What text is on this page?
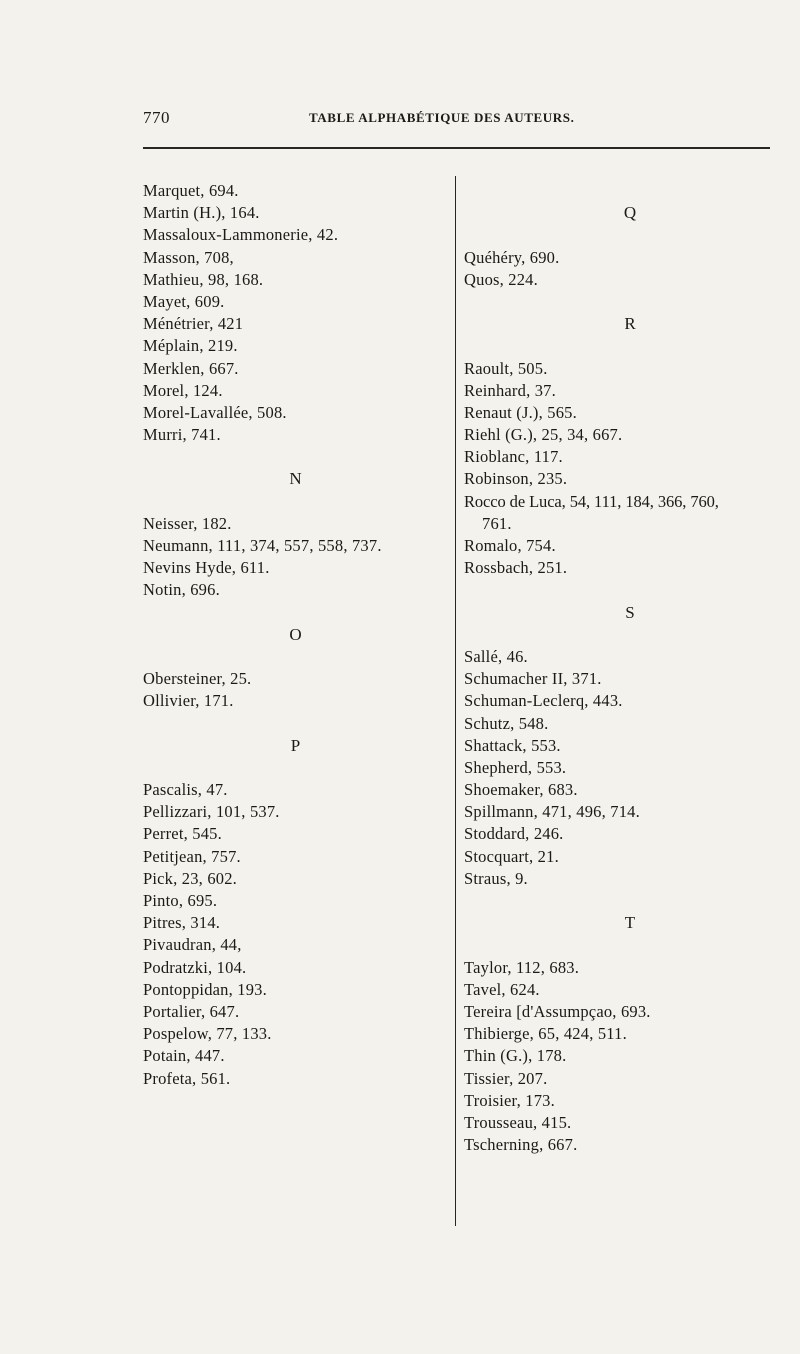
770	TABLE ALPHABÉTIQUE DES AUTEURS.
Marquet, 694.
Martin (H.), 164.
Massaloux-Lammonerie, 42.
Masson, 708,
Mathieu, 98, 168.
Mayet, 609.
Ménétrier, 421
Méplain, 219.
Merklen, 667.
Morel, 124.
Morel-Lavallée, 508.
Murri, 741.
N
Neisser, 182.
Neumann, 111, 374, 557, 558, 737.
Nevins Hyde, 611.
Notin, 696.
O
Obersteiner, 25.
Ollivier, 171.
P
Pascalis, 47.
Pellizzari, 101, 537.
Perret, 545.
Petitjean, 757.
Pick, 23, 602.
Pinto, 695.
Pitres, 314.
Pivaudran, 44,
Podratzki, 104.
Pontoppidan, 193.
Portalier, 647.
Pospelow, 77, 133.
Potain, 447.
Profeta, 561.
Q
Quéhéry, 690.
Quos, 224.
R
Raoult, 505.
Reinhard, 37.
Renaut (J.), 565.
Riehl (G.), 25, 34, 667.
Rioblanc, 117.
Robinson, 235.
Rocco de Luca, 54, 111, 184, 366, 760,
761.
Romalo, 754.
Rossbach, 251.
S
Sallé, 46.
Schumacher II, 371.
Schuman-Leclerq, 443.
Schutz, 548.
Shattack, 553.
Shepherd, 553.
Shoemaker, 683.
Spillmann, 471, 496, 714.
Stoddard, 246.
Stocquart, 21.
Straus, 9.
T
Taylor, 112, 683.
Tavel, 624.
Tereira [d'Assumpçao, 693.
Thibierge, 65, 424, 511.
Thin (G.), 178.
Tissier, 207.
Troisier, 173.
Trousseau, 415.
Tscherning, 667.
